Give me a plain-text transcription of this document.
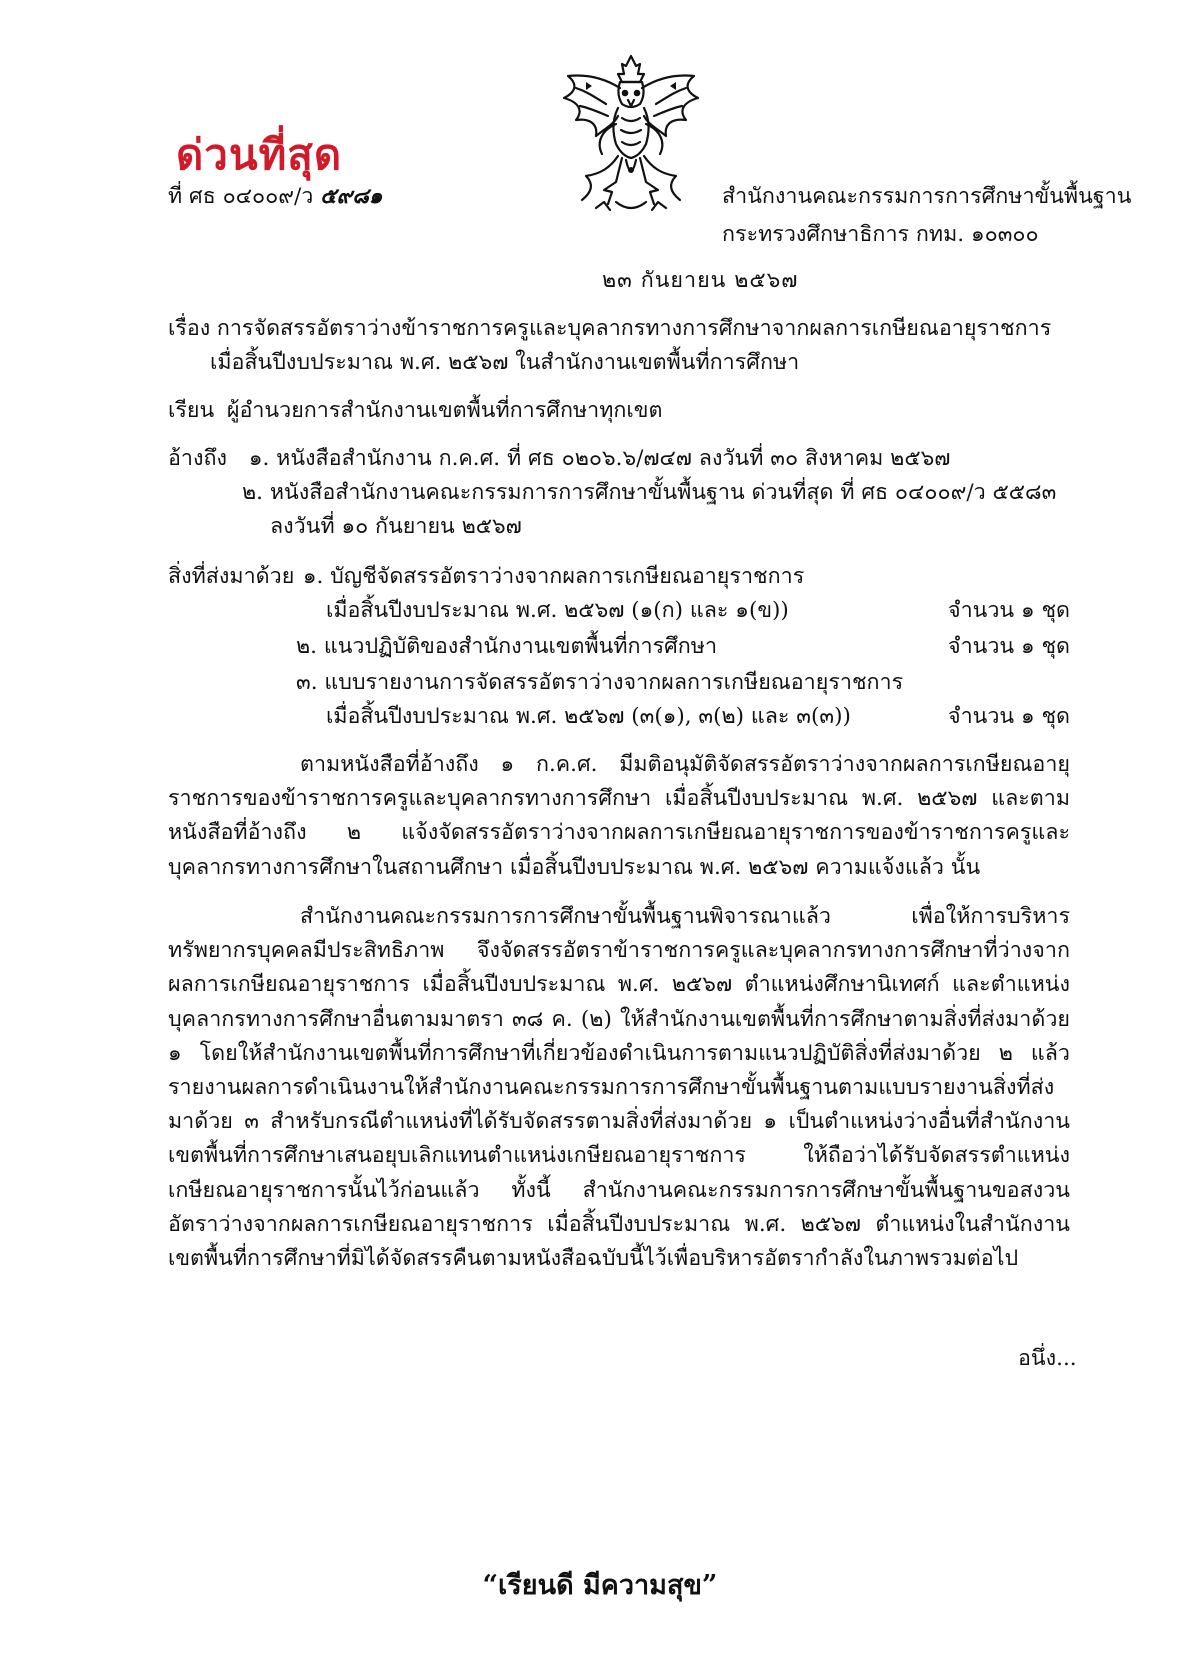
ด่วนที่สุด
ที่ ศธ ๐๔๐๐๙/ว ๕๙๘๑	สำนักงานคณะกรรมการการศึกษาขั้นพื้นฐาน
กระทรวงศึกษาธิการ กทม. ๑๐๓๐๐
๒๓ กันยายน ๒๕๖๗
เรื่อง การจัดสรรอัตราว่างข้าราชการครูและบุคลากรทางการศึกษาจากผลการเกษียณอายุราชการ
เมื่อสิ้นปีงบประมาณ พ.ศ. ๒๕๖๗ ในสำนักงานเขตพื้นที่การศึกษา
เรียน ผู้อำนวยการสำนักงานเขตพื้นที่การศึกษาทุกเขต
อ้างถึง ๑. หนังสือสำนักงาน ก.ค.ศ. ที่ ศธ ๐๒๐๖.๖/๗๔๗ ลงวันที่ ๓๐ สิงหาคม ๒๕๖๗
๒. หนังสือสำนักงานคณะกรรมการการศึกษาขั้นพื้นฐาน ด่วนที่สุด ที่ ศธ ๐๔๐๐๙/ว ๕๕๘๓
ลงวันที่ ๑๐ กันยายน ๒๕๖๗
สิ่งที่ส่งมาด้วย ๑. บัญชีจัดสรรอัตราว่างจากผลการเกษียณอายุราชการ
เมื่อสิ้นปีงบประมาณ พ.ศ. ๒๕๖๗ (๑(ก) และ ๑(ข))	จำนวน ๑ ชุด
๒. แนวปฏิบัติของสำนักงานเขตพื้นที่การศึกษา	จำนวน ๑ ชุด
๓. แบบรายงานการจัดสรรอัตราว่างจากผลการเกษียณอายุราชการ
เมื่อสิ้นปีงบประมาณ พ.ศ. ๒๕๖๗ (๓(๑), ๓(๒) และ ๓(๓))	จำนวน ๑ ชุด

ตามหนังสือที่อ้างถึง ๑ ก.ค.ศ. มีมติอนุมัติจัดสรรอัตราว่างจากผลการเกษียณอายุราชการของข้าราชการครูและบุคลากรทางการศึกษา เมื่อสิ้นปีงบประมาณ พ.ศ. ๒๕๖๗ และตามหนังสือที่อ้างถึง ๒ แจ้งจัดสรรอัตราว่างจากผลการเกษียณอายุราชการของข้าราชการครูและบุคลากรทางการศึกษาในสถานศึกษา เมื่อสิ้นปีงบประมาณ พ.ศ. ๒๕๖๗ ความแจ้งแล้ว นั้น

สำนักงานคณะกรรมการการศึกษาขั้นพื้นฐานพิจารณาแล้ว เพื่อให้การบริหารทรัพยากรบุคคลมีประสิทธิภาพ จึงจัดสรรอัตราข้าราชการครูและบุคลากรทางการศึกษาที่ว่างจากผลการเกษียณอายุราชการ เมื่อสิ้นปีงบประมาณ พ.ศ. ๒๕๖๗ ตำแหน่งศึกษานิเทศก์ และตำแหน่งบุคลากรทางการศึกษาอื่นตามมาตรา ๓๘ ค. (๒) ให้สำนักงานเขตพื้นที่การศึกษาตามสิ่งที่ส่งมาด้วย ๑ โดยให้สำนักงานเขตพื้นที่การศึกษาที่เกี่ยวข้องดำเนินการตามแนวปฏิบัติสิ่งที่ส่งมาด้วย ๒ แล้วรายงานผลการดำเนินงานให้สำนักงานคณะกรรมการการศึกษาขั้นพื้นฐานตามแบบรายงานสิ่งที่ส่งมาด้วย ๓ สำหรับกรณีตำแหน่งที่ได้รับจัดสรรตามสิ่งที่ส่งมาด้วย ๑ เป็นตำแหน่งว่างอื่นที่สำนักงานเขตพื้นที่การศึกษาเสนอยุบเลิกแทนตำแหน่งเกษียณอายุราชการ ให้ถือว่าได้รับจัดสรรตำแหน่งเกษียณอายุราชการนั้นไว้ก่อนแล้ว ทั้งนี้ สำนักงานคณะกรรมการการศึกษาขั้นพื้นฐานขอสงวนอัตราว่างจากผลการเกษียณอายุราชการ เมื่อสิ้นปีงบประมาณ พ.ศ. ๒๕๖๗ ตำแหน่งในสำนักงานเขตพื้นที่การศึกษาที่มิได้จัดสรรคืนตามหนังสือฉบับนี้ไว้เพื่อบริหารอัตรากำลังในภาพรวมต่อไป

อนึ่ง...
“เรียนดี มีความสุข”
